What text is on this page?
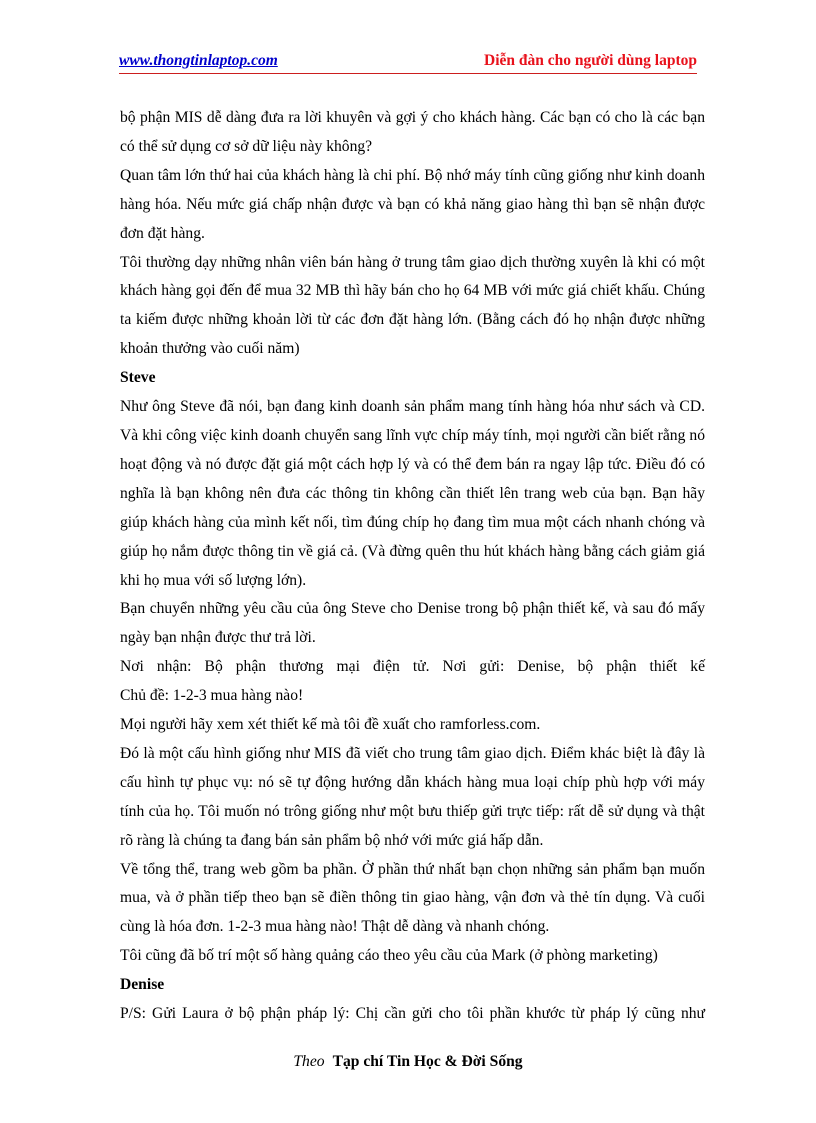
www.thongtinlaptop.com	Diễn đàn cho người dùng laptop

bộ phận MIS dễ dàng đưa ra lời khuyên và gợi ý cho khách hàng. Các bạn có cho là các bạn có thể sử dụng cơ sở dữ liệu này không?

Quan tâm lớn thứ hai của khách hàng là chi phí. Bộ nhớ máy tính cũng giống như kinh doanh hàng hóa. Nếu mức giá chấp nhận được và bạn có khả năng giao hàng thì bạn sẽ nhận được đơn đặt hàng.

Tôi thường dạy những nhân viên bán hàng ở trung tâm giao dịch thường xuyên là khi có một khách hàng gọi đến để mua 32 MB thì hãy bán cho họ 64 MB với mức giá chiết khấu. Chúng ta kiếm được những khoản lời từ các đơn đặt hàng lớn. (Bằng cách đó họ nhận được những khoản thưởng vào cuối năm)

Steve

Như ông Steve đã nói, bạn đang kinh doanh sản phẩm mang tính hàng hóa như sách và CD. Và khi công việc kinh doanh chuyển sang lĩnh vực chíp máy tính, mọi người cần biết rằng nó hoạt động và nó được đặt giá một cách hợp lý và có thể đem bán ra ngay lập tức. Điều đó có nghĩa là bạn không nên đưa các thông tin không cần thiết lên trang web của bạn. Bạn hãy giúp khách hàng của mình kết nối, tìm đúng chíp họ đang tìm mua một cách nhanh chóng và giúp họ nắm được thông tin về giá cả. (Và đừng quên thu hút khách hàng bằng cách giảm giá khi họ mua với số lượng lớn).

Bạn chuyển những yêu cầu của ông Steve cho Denise trong bộ phận thiết kế, và sau đó mấy ngày bạn nhận được thư trả lời.

Nơi nhận: Bộ phận thương mại điện tử. Nơi gửi: Denise, bộ phận thiết kế

Chủ đề: 1-2-3 mua hàng nào!

Mọi người hãy xem xét thiết kế mà tôi đề xuất cho ramforless.com.

Đó là một cấu hình giống như MIS đã viết cho trung tâm giao dịch. Điểm khác biệt là đây là cấu hình tự phục vụ: nó sẽ tự động hướng dẫn khách hàng mua loại chíp phù hợp với máy tính của họ. Tôi muốn nó trông giống như một bưu thiếp gửi trực tiếp: rất dễ sử dụng và thật rõ ràng là chúng ta đang bán sản phẩm bộ nhớ với mức giá hấp dẫn.

Về tổng thể, trang web gồm ba phần. Ở phần thứ nhất bạn chọn những sản phẩm bạn muốn mua, và ở phần tiếp theo bạn sẽ điền thông tin giao hàng, vận đơn và thẻ tín dụng. Và cuối cùng là hóa đơn. 1-2-3 mua hàng nào! Thật dễ dàng và nhanh chóng.

Tôi cũng đã bố trí một số hàng quảng cáo theo yêu cầu của Mark (ở phòng marketing)

Denise

P/S: Gửi Laura ở bộ phận pháp lý: Chị cần gửi cho tôi phần khước từ pháp lý cũng như

Theo Tạp chí Tin Học & Đời Sống
